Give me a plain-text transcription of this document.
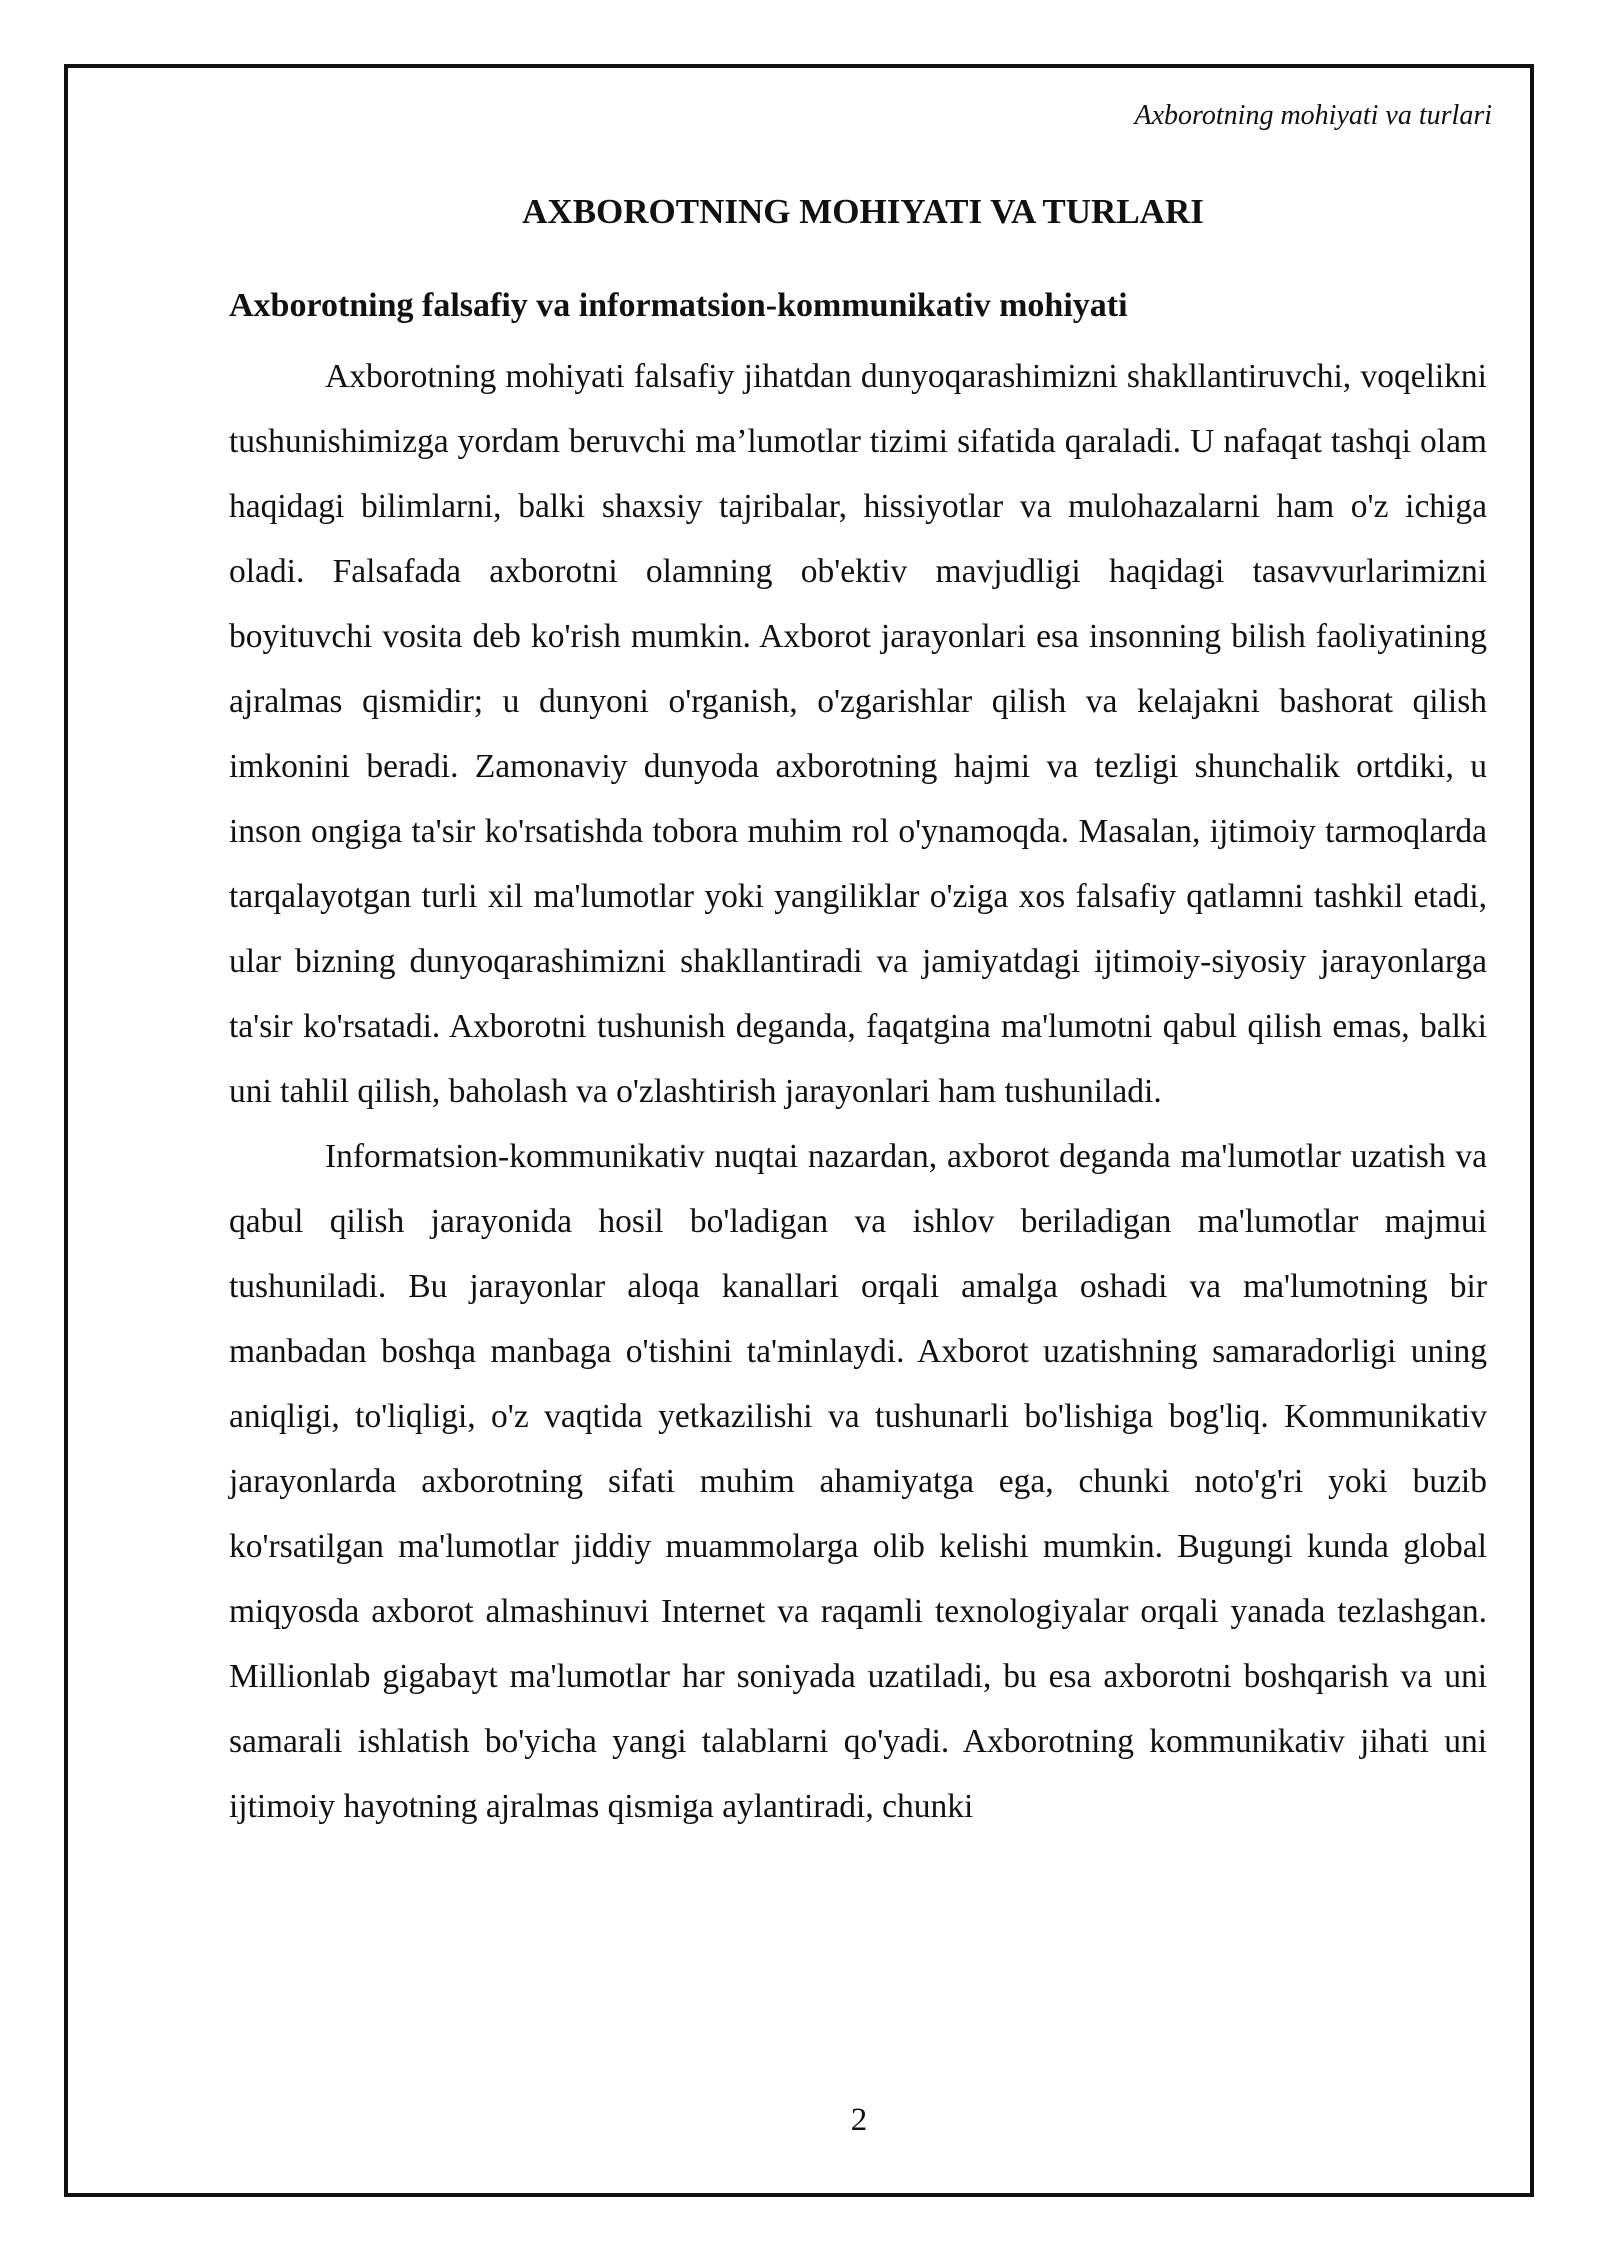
Axborotning mohiyati va turlari
AXBOROTNING MOHIYATI VA TURLARI
Axborotning falsafiy va informatsion-kommunikativ mohiyati

Axborotning mohiyati falsafiy jihatdan dunyoqarashimizni shakllantiruvchi, voqelikni tushunishimizga yordam beruvchi ma’lumotlar tizimi sifatida qaraladi. U nafaqat tashqi olam haqidagi bilimlarni, balki shaxsiy tajribalar, hissiyotlar va mulohazalarni ham o'z ichiga oladi. Falsafada axborotni olamning ob'ektiv mavjudligi haqidagi tasavvurlarimizni boyituvchi vosita deb ko'rish mumkin. Axborot jarayonlari esa insonning bilish faoliyatining ajralmas qismidir; u dunyoni o'rganish, o'zgarishlar qilish va kelajakni bashorat qilish imkonini beradi. Zamonaviy dunyoda axborotning hajmi va tezligi shunchalik ortdiki, u inson ongiga ta'sir ko'rsatishda tobora muhim rol o'ynamoqda. Masalan, ijtimoiy tarmoqlarda tarqalayotgan turli xil ma'lumotlar yoki yangiliklar o'ziga xos falsafiy qatlamni tashkil etadi, ular bizning dunyoqarashimizni shakllantiradi va jamiyatdagi ijtimoiy-siyosiy jarayonlarga ta'sir ko'rsatadi. Axborotni tushunish deganda, faqatgina ma'lumotni qabul qilish emas, balki uni tahlil qilish, baholash va o'zlashtirish jarayonlari ham tushuniladi.

Informatsion-kommunikativ nuqtai nazardan, axborot deganda ma'lumotlar uzatish va qabul qilish jarayonida hosil bo'ladigan va ishlov beriladigan ma'lumotlar majmui tushuniladi. Bu jarayonlar aloqa kanallari orqali amalga oshadi va ma'lumotning bir manbadan boshqa manbaga o'tishini ta'minlaydi. Axborot uzatishning samaradorligi uning aniqligi, to'liqligi, o'z vaqtida yetkazilishi va tushunarli bo'lishiga bog'liq. Kommunikativ jarayonlarda axborotning sifati muhim ahamiyatga ega, chunki noto'g'ri yoki buzib ko'rsatilgan ma'lumotlar jiddiy muammolarga olib kelishi mumkin. Bugungi kunda global miqyosda axborot almashinuvi Internet va raqamli texnologiyalar orqali yanada tezlashgan. Millionlab gigabayt ma'lumotlar har soniyada uzatiladi, bu esa axborotni boshqarish va uni samarali ishlatish bo'yicha yangi talablarni qo'yadi. Axborotning kommunikativ jihati uni ijtimoiy hayotning ajralmas qismiga aylantiradi, chunki

2
